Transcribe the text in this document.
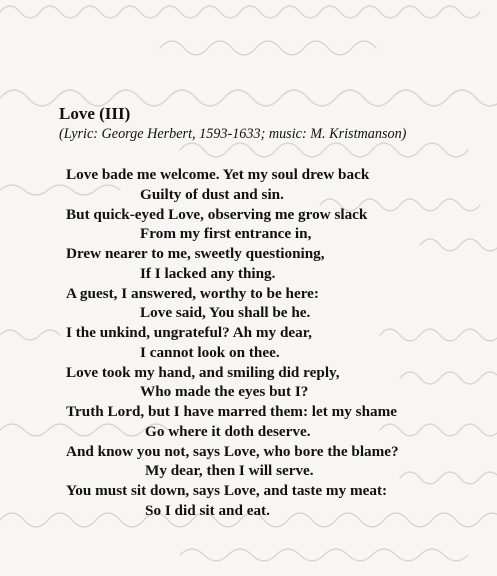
Love (III)
(Lyric: George Herbert, 1593-1633; music: M. Kristmanson)
Love bade me welcome. Yet my soul drew back
Guilty of dust and sin.
But quick-eyed Love, observing me grow slack
From my first entrance in,
Drew nearer to me, sweetly questioning,
If I lacked any thing.
A guest, I answered, worthy to be here:
Love said, You shall be he.
I the unkind, ungrateful? Ah my dear,
I cannot look on thee.
Love took my hand, and smiling did reply,
Who made the eyes but I?
Truth Lord, but I have marred them: let my shame
Go where it doth deserve.
And know you not, says Love, who bore the blame?
My dear, then I will serve.
You must sit down, says Love, and taste my meat:
So I did sit and eat.
